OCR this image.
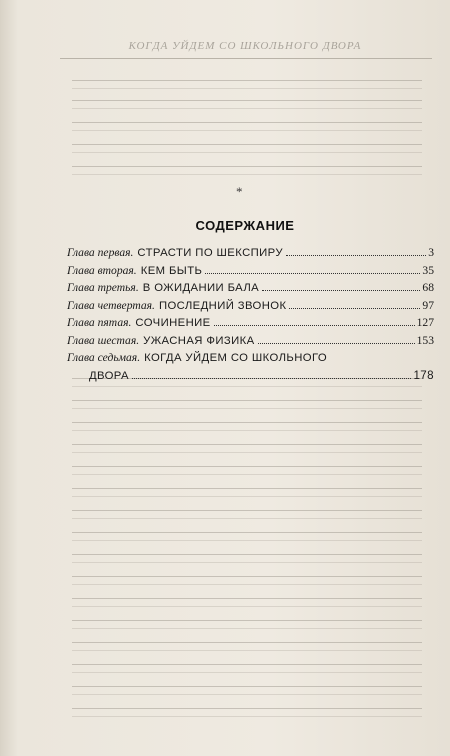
КОГДА УЙДЕМ СО ШКОЛЬНОГО ДВОРА
*
СОДЕРЖАНИЕ
Глава первая. СТРАСТИ ПО ШЕКСПИРУ	3
Глава вторая. КЕМ БЫТЬ	35
Глава третья. В ОЖИДАНИИ БАЛА	68
Глава четвертая. ПОСЛЕДНИЙ ЗВОНОК	97
Глава пятая. СОЧИНЕНИЕ	127
Глава шестая. УЖАСНАЯ ФИЗИКА	153
Глава седьмая. КОГДА УЙДЕМ СО ШКОЛЬНОГО
ДВОРА	178
